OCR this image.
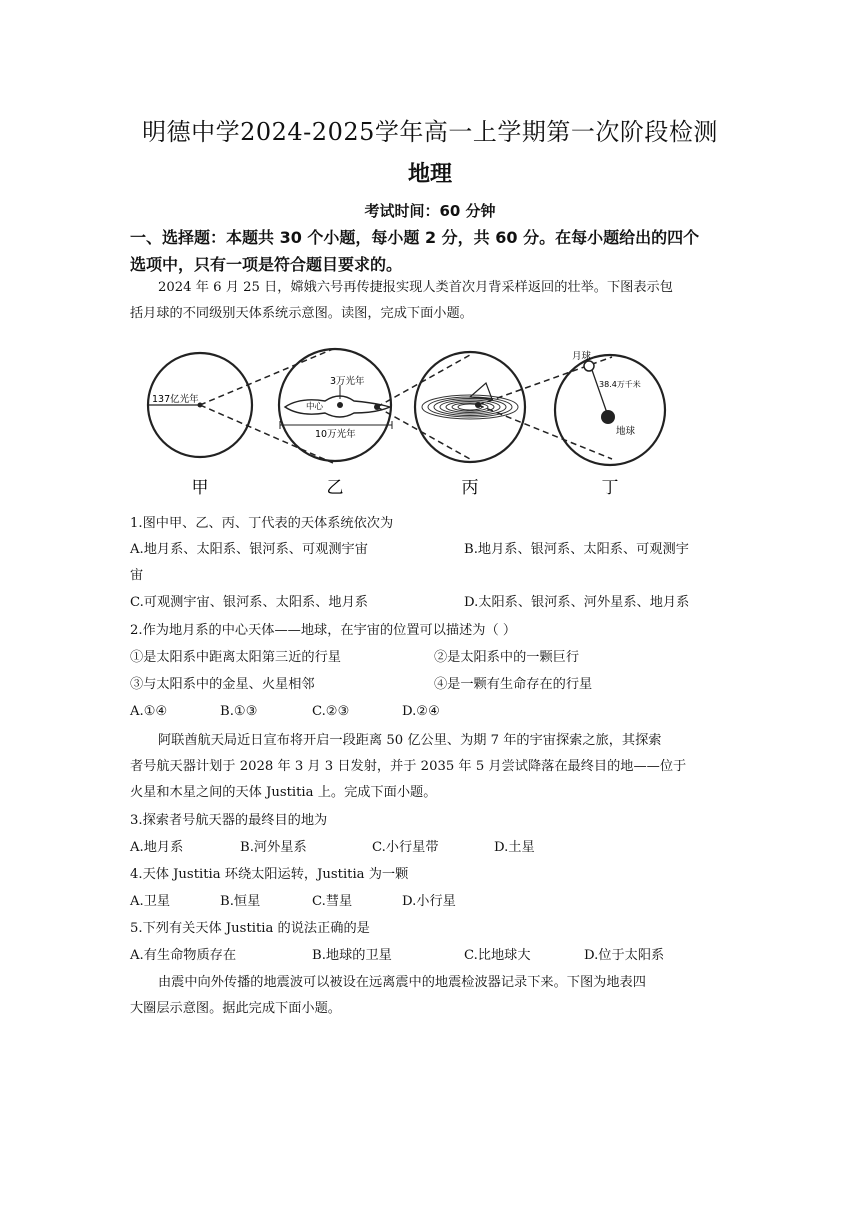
明德中学2024-2025学年高一上学期第一次阶段检测
地理
考试时间：60 分钟
一、选择题：本题共 30 个小题，每小题 2 分，共 60 分。在每小题给出的四个
选项中，只有一项是符合题目要求的。
2024 年 6 月 25 日，嫦娥六号再传捷报实现人类首次月背采样返回的壮举。下图表示包
括月球的不同级别天体系统示意图。读图，完成下面小题。
137亿光年
甲
3万光年
中心
10万光年
乙	丙
月球
38.4万千米
地球
丁
1.图中甲、乙、丙、丁代表的天体系统依次为
A.地月系、太阳系、银河系、可观测宇宙	B.地月系、银河系、太阳系、可观测宇
宙
C.可观测宇宙、银河系、太阳系、地月系	D.太阳系、银河系、河外星系、地月系
2.作为地月系的中心天体——地球，在宇宙的位置可以描述为（ ）
①是太阳系中距离太阳第三近的行星	②是太阳系中的一颗巨行
③与太阳系中的金星、火星相邻	④是一颗有生命存在的行星
A.①④	B.①③	C.②③	D.②④
阿联酋航天局近日宣布将开启一段距离 50 亿公里、为期 7 年的宇宙探索之旅，其探索
者号航天器计划于 2028 年 3 月 3 日发射，并于 2035 年 5 月尝试降落在最终目的地——位于
火星和木星之间的天体 Justitia 上。完成下面小题。
3.探索者号航天器的最终目的地为
A.地月系	B.河外星系	C.小行星带	D.土星
4.天体 Justitia 环绕太阳运转，Justitia 为一颗
A.卫星	B.恒星	C.彗星	D.小行星
5.下列有关天体 Justitia 的说法正确的是
A.有生命物质存在	B.地球的卫星	C.比地球大	D.位于太阳系
由震中向外传播的地震波可以被设在远离震中的地震检波器记录下来。下图为地表四
大圈层示意图。据此完成下面小题。
